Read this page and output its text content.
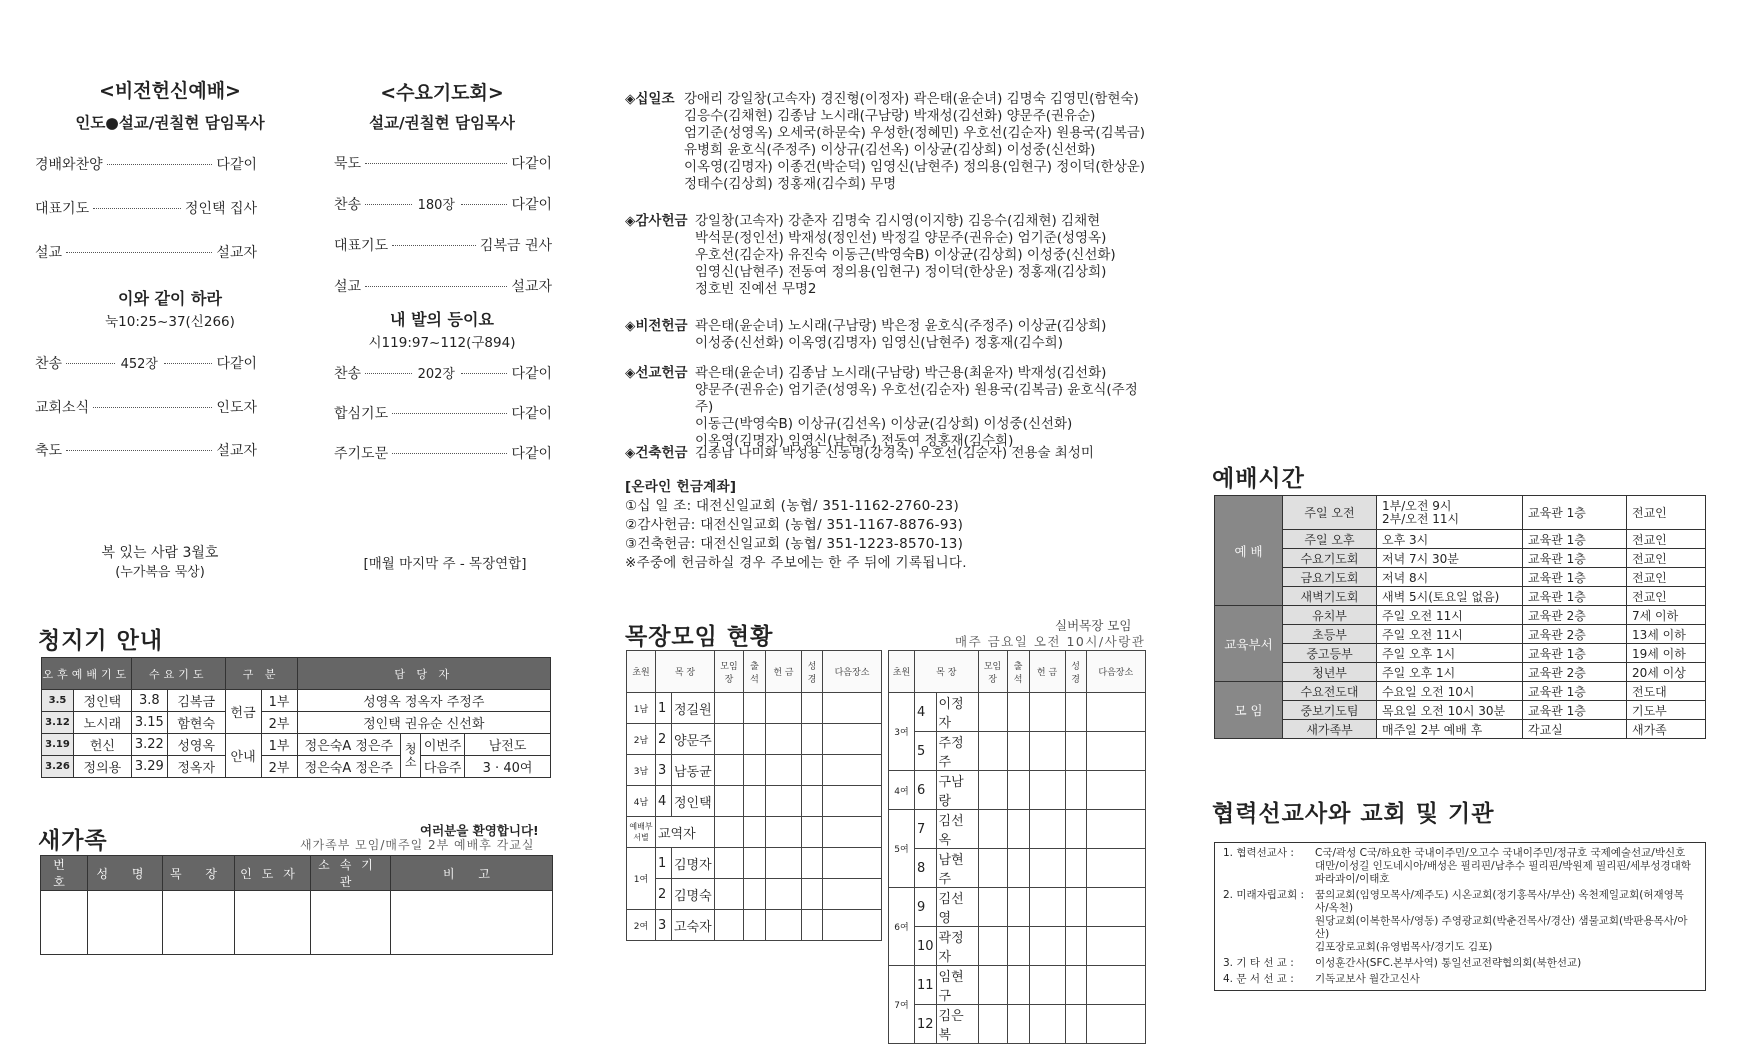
<비전헌신예배>
인도●설교/권칠현 담임목사
경배와찬양	다같이
대표기도	정인택 집사
설교	설교자
이와 같이 하라
눅10:25~37(신266)
찬송	452장	다같이
교회소식	인도자
축도	설교자
복 있는 사람 3월호
(누가복음 묵상)
<수요기도회>
설교/권칠현 담임목사
묵도	다같이
찬송	180장	다같이
대표기도	김복금 권사
설교	설교자
내 발의 등이요
시119:97~112(구894)
찬송	202장	다같이
합심기도	다같이
주기도문	다같이
[매월 마지막 주 - 목장연합]
청지기 안내
오후예배기도		수요기도		구 분		담 당 자			
3.5	정인택	3.8	김복금	헌금	1부	성영옥 정옥자 주정주			
3.12	노시래	3.15	함현숙		2부	정인택 권유순 신선화			
3.19	헌신	3.22	성영옥	안내	1부	정은숙A 정은주	청소	이번주	남전도
3.26	정의용	3.29	정옥자		2부	정은숙A 정은주		다음주	3 · 40여
새가족	여러분을 환영합니다!
새가족부 모임/매주일 2부 예배후 각교실
번 호	성 명	목 장	인도자	소속기관	비 고

◈십일조 강애리 강일창(고속자) 경진형(이정자) 곽은태(윤순녀) 김명숙 김영민(함현숙)
김응수(김채현) 김종남 노시래(구남랑) 박재성(김선화) 양문주(권유순)
엄기준(성영옥) 오세국(하문숙) 우성한(정혜민) 우호선(김순자) 원용국(김복금)
유병희 윤호식(주정주) 이상규(김선옥) 이상균(김상희) 이성중(신선화)
이옥영(김명자) 이종건(박순덕) 임영신(남현주) 정의용(임현구) 정이덕(한상운)
정태수(김상희) 정홍재(김수희) 무명
◈감사헌금 강일창(고속자) 강춘자 김명숙 김시영(이지향) 김응수(김채현) 김채현
박석문(정인선) 박재성(정인선) 박정길 양문주(권유순) 엄기준(성영옥)
우호선(김순자) 유진숙 이동근(박영숙B) 이상균(김상희) 이성중(신선화)
임영신(남현주) 전동여 정의용(임현구) 정이덕(한상운) 정홍재(김상희)
정호빈 진예선 무명2
◈비전헌금 곽은태(윤순녀) 노시래(구남랑) 박은정 윤호식(주정주) 이상균(김상희)
이성중(신선화) 이옥영(김명자) 임영신(남현주) 정홍재(김수희)
◈선교헌금 곽은태(윤순녀) 김종남 노시래(구남랑) 박근용(최윤자) 박재성(김선화)
양문주(권유순) 엄기준(성영옥) 우호선(김순자) 원용국(김복금) 윤호식(주정주)
이동근(박영숙B) 이상규(김선옥) 이상균(김상희) 이성중(신선화)
이옥영(김명자) 임영신(남현주) 전동여 정홍재(김수희)
◈건축헌금 김종남 나미화 박성용 신동명(강경숙) 우호선(김순자) 전용술 최성미
[온라인 헌금계좌]
①십 일 조: 대전신일교회 (농협/ 351-1162-2760-23)
②감사헌금: 대전신일교회 (농협/ 351-1167-8876-93)
③건축헌금: 대전신일교회 (농협/ 351-1223-8570-13)
※주중에 헌금하실 경우 주보에는 한 주 뒤에 기록됩니다.
목장모임 현황	실버목장 모임
매주 금요일 오전 10시/사랑관
초원	목 장		모임장	출석	헌 금	성경	다음장소
1남	1	정길원					
2남	2	양문주					
3남	3	남동균					
4남	4	정인택					
예배부서별	교역자						
1여	1	김명자					
	2	김명숙					
2여	3	고숙자					
초원	목 장		모임장	출석	헌 금	성경	다음장소
3여	4	이정자					
	5	주정주					
4여	6	구남랑					
5여	7	김선옥					
	8	남현주					
6여	9	김선영					
	10	곽정자					
7여	11	임현구					
	12	김은복					
예배시간
예 배	주일 오전	1부/오전 9시
2부/오전 11시	교육관 1층	전교인
	주일 오후	오후 3시	교육관 1층	전교인
	수요기도회	저녁 7시 30분	교육관 1층	전교인
	금요기도회	저녁 8시	교육관 1층	전교인
	새벽기도회	새벽 5시(토요일 없음)	교육관 1층	전교인
교육부서	유치부	주일 오전 11시	교육관 2층	7세 이하
	초등부	주일 오전 11시	교육관 2층	13세 이하
	중고등부	주일 오후 1시	교육관 1층	19세 이하
	청년부	주일 오후 1시	교육관 2층	20세 이상
모 임	수요전도대	수요일 오전 10시	교육관 1층	전도대
	중보기도팀	목요일 오전 10시 30분	교육관 1층	기도부
	새가족부	매주일 2부 예배 후	각교실	새가족
협력선교사와 교회 및 기관
1. 협력선교사 :	C국/곽성 C국/하요한 국내이주민/오고수 국내이주민/정규호 국제예술선교/박신호
대만/이성길 인도네시아/배성은 필리핀/남추수 필리핀/박원제 필리핀/세부성경대학
파라과이/이태호
2. 미래자립교회 :	꿈의교회(임영모목사/제주도) 시온교회(정기홍목사/부산) 옥천제일교회(허재영목사/옥천)
원당교회(이복한목사/영동) 주영광교회(박춘건목사/경산) 샘물교회(박판용목사/아산)
김포장로교회(유영범목사/경기도 김포)
3. 기 타 선 교 :	이성훈간사(SFC.본부사역) 통일선교전략협의회(북한선교)
4. 문 서 선 교 :	기독교보사 월간고신사
